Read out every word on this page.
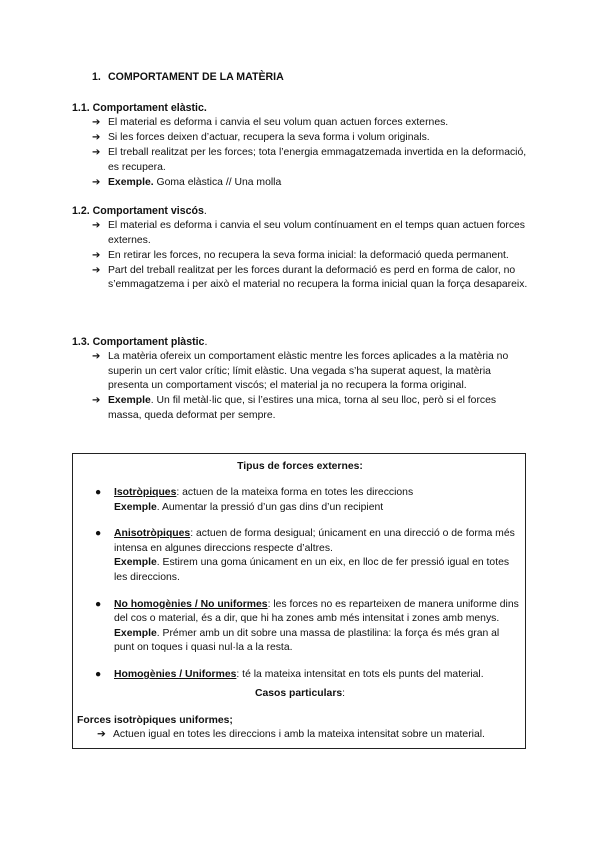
1. COMPORTAMENT DE LA MATÈRIA
1.1. Comportament elàstic.
➔ El material es deforma i canvia el seu volum quan actuen forces externes.
➔ Si les forces deixen d’actuar, recupera la seva forma i volum originals.
➔ El treball realitzat per les forces; tota l’energia emmagatzemada invertida en la deformació, es recupera.
➔ Exemple. Goma elàstica // Una molla
1.2. Comportament viscós.
➔ El material es deforma i canvia el seu volum contínuament en el temps quan actuen forces externes.
➔ En retirar les forces, no recupera la seva forma inicial: la deformació queda permanent.
➔ Part del treball realitzat per les forces durant la deformació es perd en forma de calor, no s’emmagatzema i per això el material no recupera la forma inicial quan la força desapareix.
1.3. Comportament plàstic.
➔ La matèria ofereix un comportament elàstic mentre les forces aplicades a la matèria no superin un cert valor crític; límit elàstic. Una vegada s’ha superat aquest, la matèria presenta un comportament viscós; el material ja no recupera la forma original.
➔ Exemple. Un fil metàl·lic que, si l’estires una mica, torna al seu lloc, però si el forces massa, queda deformat per sempre.
Tipus de forces externes:
● Isotròpiques: actuen de la mateixa forma en totes les direccions
Exemple. Aumentar la pressió d’un gas dins d’un recipient
● Anisotròpiques: actuen de forma desigual; únicament en una direcció o de forma més intensa en algunes direccions respecte d’altres.
Exemple. Estirem una goma únicament en un eix, en lloc de fer pressió igual en totes les direccions.
● No homogènies / No uniformes: les forces no es reparteixen de manera uniforme dins del cos o material, és a dir, que hi ha zones amb més intensitat i zones amb menys.
Exemple. Prémer amb un dit sobre una massa de plastilina: la força és més gran al punt on toques i quasi nul·la a la resta.
● Homogènies / Uniformes: té la mateixa intensitat en tots els punts del material.
Casos particulars:
Forces isotròpiques uniformes;
➔ Actuen igual en totes les direccions i amb la mateixa intensitat sobre un material.
